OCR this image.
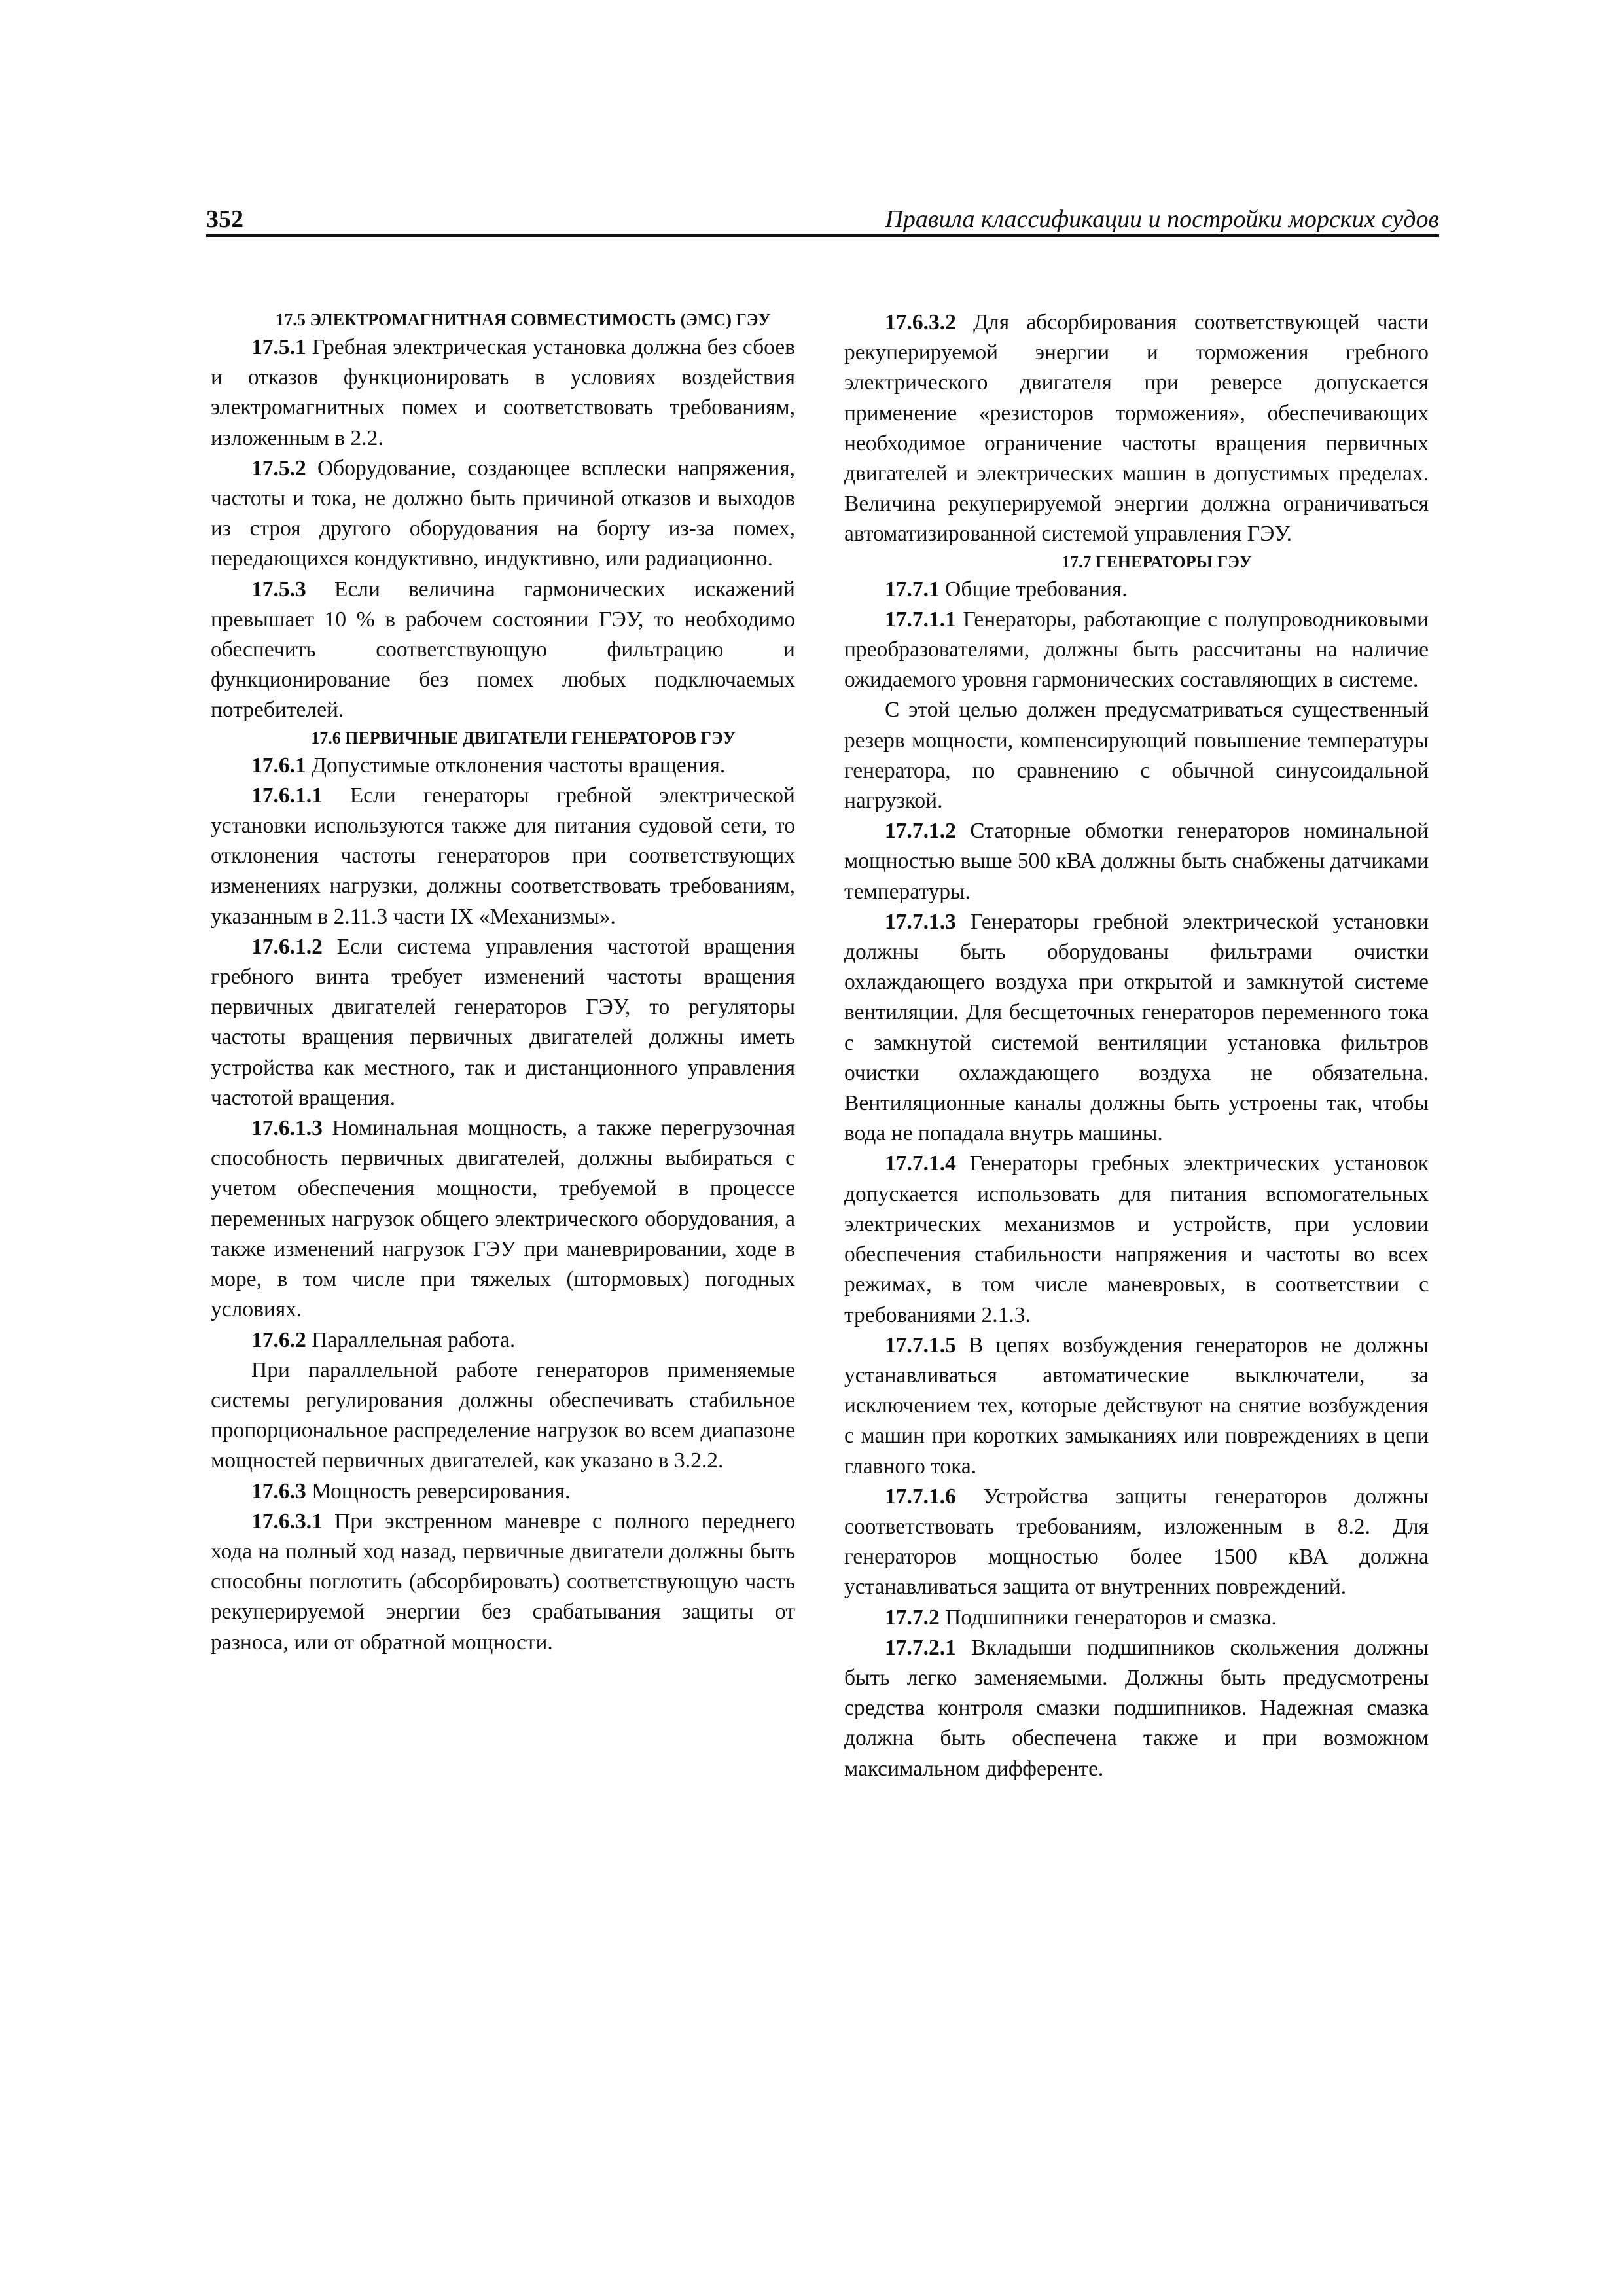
352	Правила классификации и постройки морских судов

17.5 ЭЛЕКТРОМАГНИТНАЯ СОВМЕСТИМОСТЬ (ЭМС) ГЭУ

17.5.1 Гребная электрическая установка должна без сбоев и отказов функционировать в условиях воздействия электромагнитных помех и соответствовать требованиям, изложенным в 2.2.

17.5.2 Оборудование, создающее всплески напряжения, частоты и тока, не должно быть причиной отказов и выходов из строя другого оборудования на борту из-за помех, передающихся кондуктивно, индуктивно, или радиационно.

17.5.3 Если величина гармонических искажений превышает 10 % в рабочем состоянии ГЭУ, то необходимо обеспечить соответствующую фильтрацию и функционирование без помех любых подключаемых потребителей.

17.6 ПЕРВИЧНЫЕ ДВИГАТЕЛИ ГЕНЕРАТОРОВ ГЭУ

17.6.1 Допустимые отклонения частоты вращения.

17.6.1.1 Если генераторы гребной электрической установки используются также для питания судовой сети, то отклонения частоты генераторов при соответствующих изменениях нагрузки, должны соответствовать требованиям, указанным в 2.11.3 части IX «Механизмы».

17.6.1.2 Если система управления частотой вращения гребного винта требует изменений частоты вращения первичных двигателей генераторов ГЭУ, то регуляторы частоты вращения первичных двигателей должны иметь устройства как местного, так и дистанционного управления частотой вращения.

17.6.1.3 Номинальная мощность, а также перегрузочная способность первичных двигателей, должны выбираться с учетом обеспечения мощности, требуемой в процессе переменных нагрузок общего электрического оборудования, а также изменений нагрузок ГЭУ при маневрировании, ходе в море, в том числе при тяжелых (штормовых) погодных условиях.

17.6.2 Параллельная работа.

При параллельной работе генераторов применяемые системы регулирования должны обеспечивать стабильное пропорциональное распределение нагрузок во всем диапазоне мощностей первичных двигателей, как указано в 3.2.2.

17.6.3 Мощность реверсирования.

17.6.3.1 При экстренном маневре с полного переднего хода на полный ход назад, первичные двигатели должны быть способны поглотить (абсорбировать) соответствующую часть рекуперируемой энергии без срабатывания защиты от разноса, или от обратной мощности.

17.6.3.2 Для абсорбирования соответствующей части рекуперируемой энергии и торможения гребного электрического двигателя при реверсе допускается применение «резисторов торможения», обеспечивающих необходимое ограничение частоты вращения первичных двигателей и электрических машин в допустимых пределах. Величина рекуперируемой энергии должна ограничиваться автоматизированной системой управления ГЭУ.

17.7 ГЕНЕРАТОРЫ ГЭУ

17.7.1 Общие требования.

17.7.1.1 Генераторы, работающие с полупроводниковыми преобразователями, должны быть рассчитаны на наличие ожидаемого уровня гармонических составляющих в системе.

С этой целью должен предусматриваться существенный резерв мощности, компенсирующий повышение температуры генератора, по сравнению с обычной синусоидальной нагрузкой.

17.7.1.2 Статорные обмотки генераторов номинальной мощностью выше 500 кВА должны быть снабжены датчиками температуры.

17.7.1.3 Генераторы гребной электрической установки должны быть оборудованы фильтрами очистки охлаждающего воздуха при открытой и замкнутой системе вентиляции. Для бесщеточных генераторов переменного тока с замкнутой системой вентиляции установка фильтров очистки охлаждающего воздуха не обязательна. Вентиляционные каналы должны быть устроены так, чтобы вода не попадала внутрь машины.

17.7.1.4 Генераторы гребных электрических установок допускается использовать для питания вспомогательных электрических механизмов и устройств, при условии обеспечения стабильности напряжения и частоты во всех режимах, в том числе маневровых, в соответствии с требованиями 2.1.3.

17.7.1.5 В цепях возбуждения генераторов не должны устанавливаться автоматические выключатели, за исключением тех, которые действуют на снятие возбуждения с машин при коротких замыканиях или повреждениях в цепи главного тока.

17.7.1.6 Устройства защиты генераторов должны соответствовать требованиям, изложенным в 8.2. Для генераторов мощностью более 1500 кВА должна устанавливаться защита от внутренних повреждений.

17.7.2 Подшипники генераторов и смазка.

17.7.2.1 Вкладыши подшипников скольжения должны быть легко заменяемыми. Должны быть предусмотрены средства контроля смазки подшипников. Надежная смазка должна быть обеспечена также и при возможном максимальном дифференте.
